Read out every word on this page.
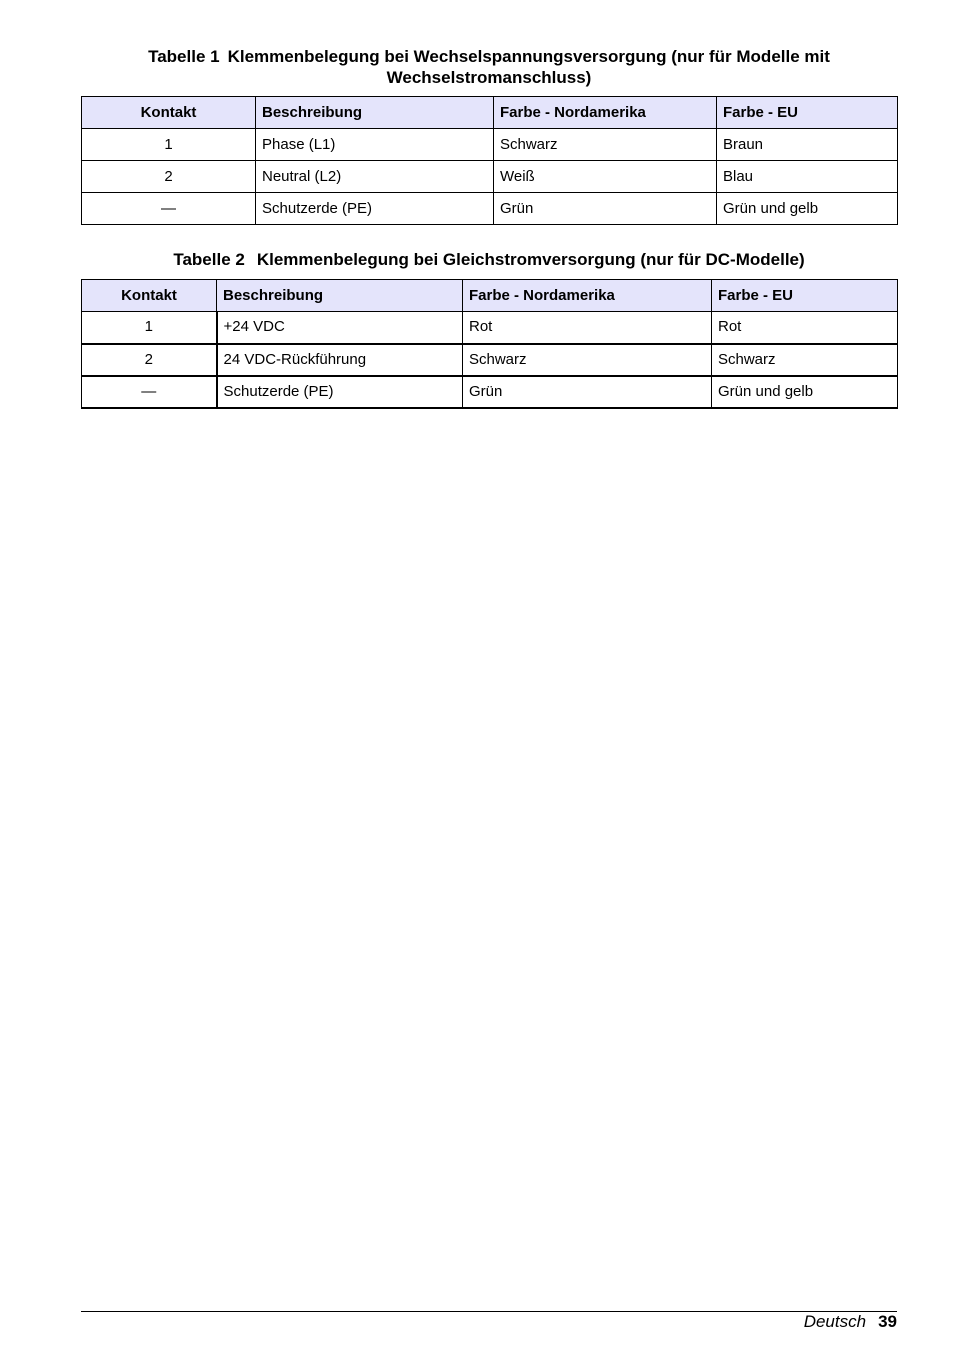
Tabelle 1 Klemmenbelegung bei Wechselspannungsversorgung (nur für Modelle mit Wechselstromanschluss)
Kontakt	Beschreibung	Farbe - Nordamerika	Farbe - EU
1	Phase (L1)	Schwarz	Braun
2	Neutral (L2)	Weiß	Blau
—	Schutzerde (PE)	Grün	Grün und gelb
Tabelle 2 Klemmenbelegung bei Gleichstromversorgung (nur für DC-Modelle)
Kontakt	Beschreibung	Farbe - Nordamerika	Farbe - EU
1	+24 VDC	Rot	Rot
2	24 VDC-Rückführung	Schwarz	Schwarz
—	Schutzerde (PE)	Grün	Grün und gelb
Deutsch 39
